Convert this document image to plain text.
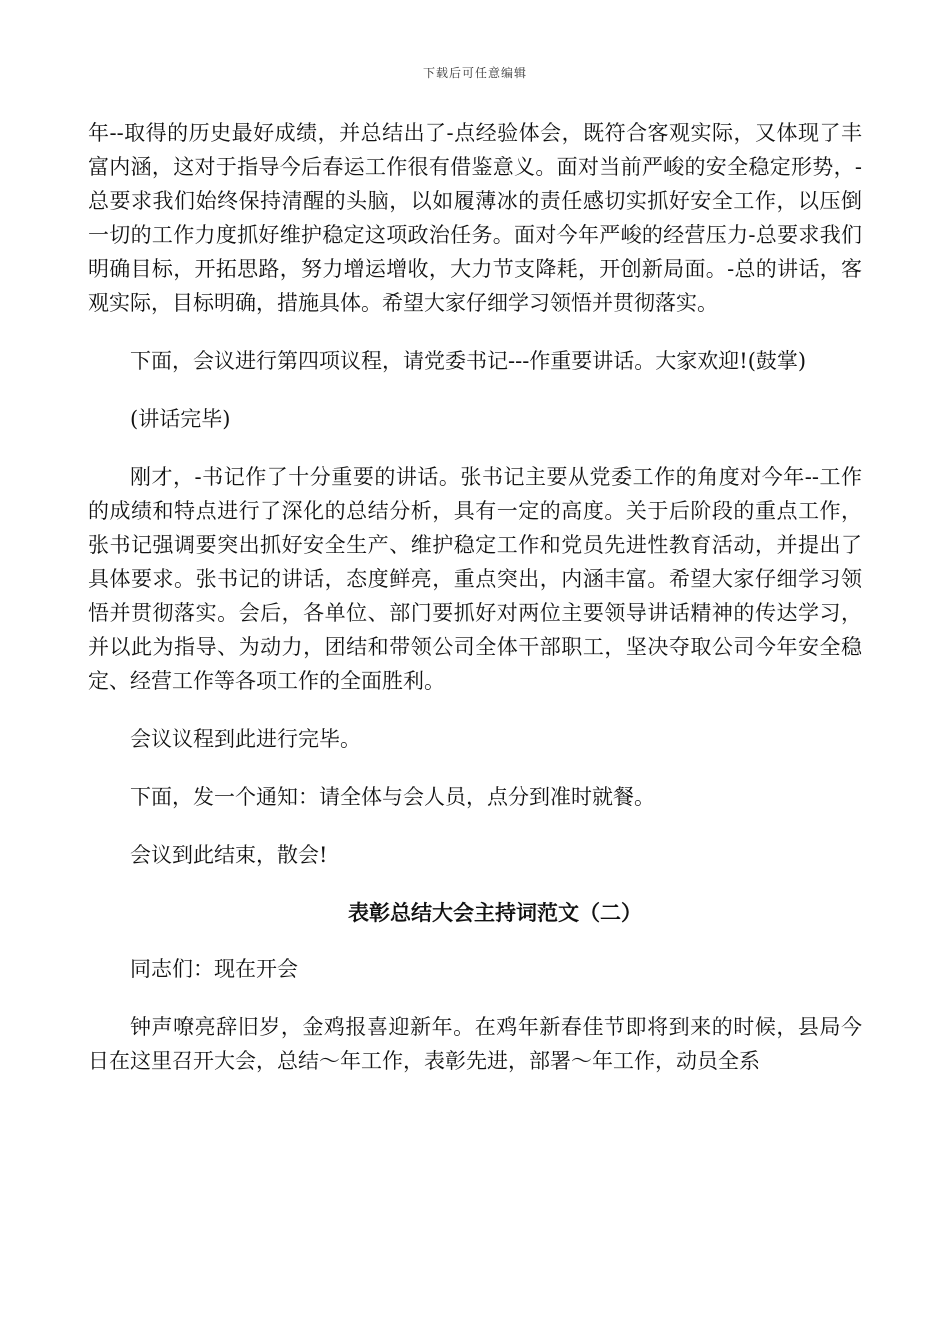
下载后可任意编辑

年--取得的历史最好成绩，并总结出了-点经验体会，既符合客观实际，又体现了丰富内涵，这对于指导今后春运工作很有借鉴意义。面对当前严峻的安全稳定形势，-总要求我们始终保持清醒的头脑，以如履薄冰的责任感切实抓好安全工作，以压倒一切的工作力度抓好维护稳定这项政治任务。面对今年严峻的经营压力-总要求我们明确目标，开拓思路，努力增运增收，大力节支降耗，开创新局面。-总的讲话，客观实际，目标明确，措施具体。希望大家仔细学习领悟并贯彻落实。

下面，会议进行第四项议程，请党委书记---作重要讲话。大家欢迎!(鼓掌)

(讲话完毕)

刚才，-书记作了十分重要的讲话。张书记主要从党委工作的角度对今年--工作的成绩和特点进行了深化的总结分析，具有一定的高度。关于后阶段的重点工作，张书记强调要突出抓好安全生产、维护稳定工作和党员先进性教育活动，并提出了具体要求。张书记的讲话，态度鲜亮，重点突出，内涵丰富。希望大家仔细学习领悟并贯彻落实。会后，各单位、部门要抓好对两位主要领导讲话精神的传达学习，并以此为指导、为动力，团结和带领公司全体干部职工，坚决夺取公司今年安全稳定、经营工作等各项工作的全面胜利。

会议议程到此进行完毕。

下面，发一个通知：请全体与会人员，点分到准时就餐。

会议到此结束，散会!

表彰总结大会主持词范文（二）

同志们：现在开会

钟声嘹亮辞旧岁，金鸡报喜迎新年。在鸡年新春佳节即将到来的时候，县局今日在这里召开大会，总结～年工作，表彰先进，部署～年工作，动员全系
